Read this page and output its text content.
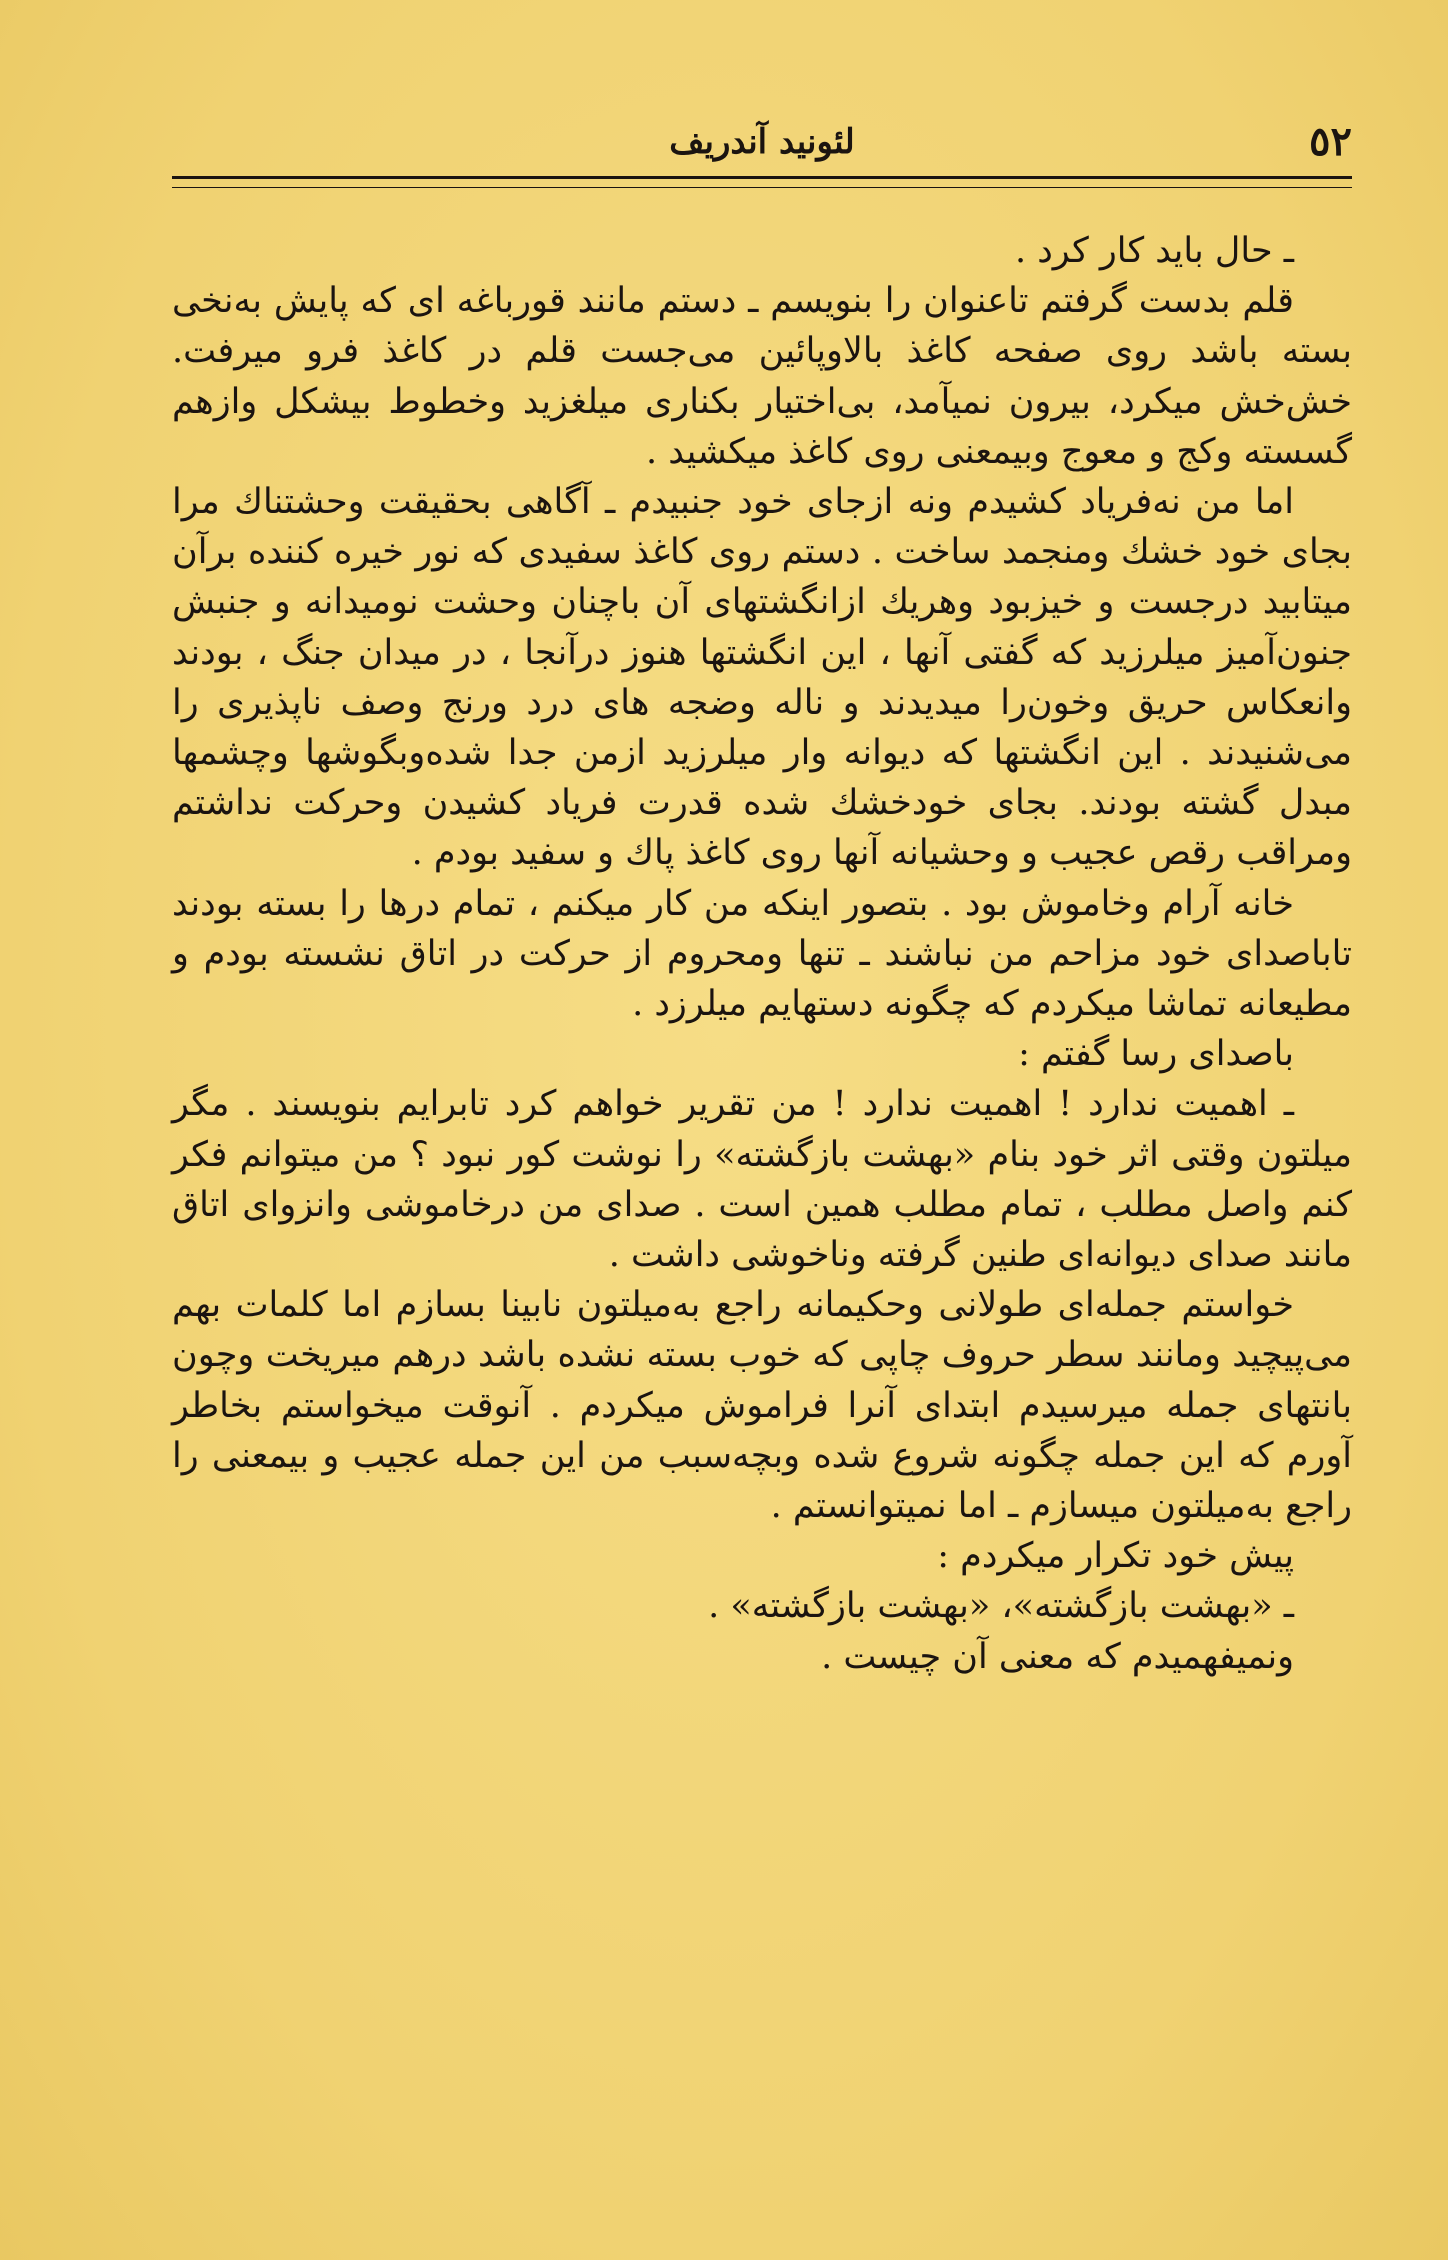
لئونید آندریف	٥٢

ـ حال باید کار کرد .

قلم بدست گرفتم تاعنوان را بنویسم ـ دستم مانند قورباغه ای که پایش به‌نخی بسته باشد روی صفحه کاغذ بالاوپائین می‌جست قلم در کاغذ فرو میرفت. خش‌خش میکرد، بیرون نمیآمد، بی‌اختیار بکناری میلغزید وخطوط بیشکل وازهم گسسته وکج و معوج وبیمعنی روی کاغذ میکشید .

اما من نه‌فریاد کشیدم ونه ازجای خود جنبیدم ـ آگاهی بحقیقت وحشتناك مرا بجای خود خشك ومنجمد ساخت . دستم روی کاغذ سفیدی که نور خیره کننده برآن میتابید درجست و خیزبود وهریك ازانگشتهای آن باچنان وحشت نومیدانه و جنبش جنون‌آمیز میلرزید که گفتی آنها ، این انگشتها هنوز درآنجا ، در میدان جنگ ، بودند وانعکاس حریق وخون‌را میدیدند و ناله وضجه های درد ورنج وصف ناپذیری را می‌شنیدند . این انگشتها که دیوانه وار میلرزید ازمن جدا شده‌وبگوشها وچشمها مبدل گشته بودند. بجای خودخشك شده قدرت فریاد کشیدن وحرکت نداشتم ومراقب رقص عجیب و وحشیانه آنها روی کاغذ پاك و سفید بودم .

خانه آرام وخاموش بود . بتصور اینکه من کار میکنم ، تمام درها را بسته بودند تاباصدای خود مزاحم من نباشند ـ تنها ومحروم از حرکت در اتاق نشسته بودم و مطیعانه تماشا میکردم که چگونه دستهایم میلرزد .

باصدای رسا گفتم :

ـ اهمیت ندارد ! اهمیت ندارد ! من تقریر خواهم کرد تابرایم بنویسند . مگر میلتون وقتی اثر خود بنام «بهشت بازگشته» را نوشت کور نبود ؟ من میتوانم فکر کنم واصل مطلب ، تمام مطلب همین است . صدای من درخاموشی وانزوای اتاق مانند صدای دیوانه‌ای طنین گرفته وناخوشی داشت .

خواستم جمله‌ای طولانی وحکیمانه راجع به‌میلتون نابینا بسازم اما کلمات بهم می‌پیچید ومانند سطر حروف چاپی که خوب بسته نشده باشد درهم میریخت وچون بانتهای جمله میرسیدم ابتدای آنرا فراموش میکردم . آنوقت میخواستم بخاطر آورم که این جمله چگونه شروع شده وبچه‌سبب من این جمله عجیب و بیمعنی را راجع به‌میلتون میسازم ـ اما نمیتوانستم .

پیش خود تکرار میکردم :

ـ «بهشت بازگشته»، «بهشت بازگشته» .

ونمیفهمیدم که معنی آن چیست .
